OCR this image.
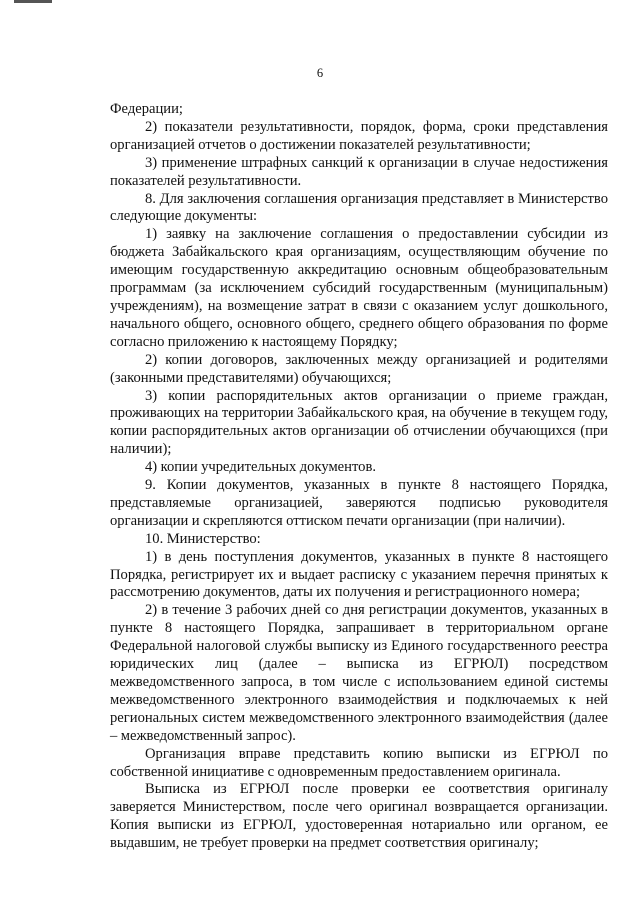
6

Федерации;

2) показатели результативности, порядок, форма, сроки представления организацией отчетов о достижении показателей результативности;

3) применение штрафных санкций к организации в случае недостижения показателей результативности.

8. Для заключения соглашения организация представляет в Министерство следующие документы:

1) заявку на заключение соглашения о предоставлении субсидии из бюджета Забайкальского края организациям, осуществляющим обучение по имеющим государственную аккредитацию основным общеобразовательным программам (за исключением субсидий государственным (муниципальным) учреждениям), на возмещение затрат в связи с оказанием услуг дошкольного, начального общего, основного общего, среднего общего образования по форме согласно приложению к настоящему Порядку;

2) копии договоров, заключенных между организацией и родителями (законными представителями) обучающихся;

3) копии распорядительных актов организации о приеме граждан, проживающих на территории Забайкальского края, на обучение в текущем году, копии распорядительных актов организации об отчислении обучающихся (при наличии);

4) копии учредительных документов.

9. Копии документов, указанных в пункте 8 настоящего Порядка, представляемые организацией, заверяются подписью руководителя организации и скрепляются оттиском печати организации (при наличии).

10. Министерство:

1) в день поступления документов, указанных в пункте 8 настоящего Порядка, регистрирует их и выдает расписку с указанием перечня принятых к рассмотрению документов, даты их получения и регистрационного номера;

2) в течение 3 рабочих дней со дня регистрации документов, указанных в пункте 8 настоящего Порядка, запрашивает в территориальном органе Федеральной налоговой службы выписку из Единого государственного реестра юридических лиц (далее – выписка из ЕГРЮЛ) посредством межведомственного запроса, в том числе с использованием единой системы межведомственного электронного взаимодействия и подключаемых к ней региональных систем межведомственного электронного взаимодействия (далее – межведомственный запрос).

Организация вправе представить копию выписки из ЕГРЮЛ по собственной инициативе с одновременным предоставлением оригинала.

Выписка из ЕГРЮЛ после проверки ее соответствия оригиналу заверяется Министерством, после чего оригинал возвращается организации. Копия выписки из ЕГРЮЛ, удостоверенная нотариально или органом, ее выдавшим, не требует проверки на предмет соответствия оригиналу;
